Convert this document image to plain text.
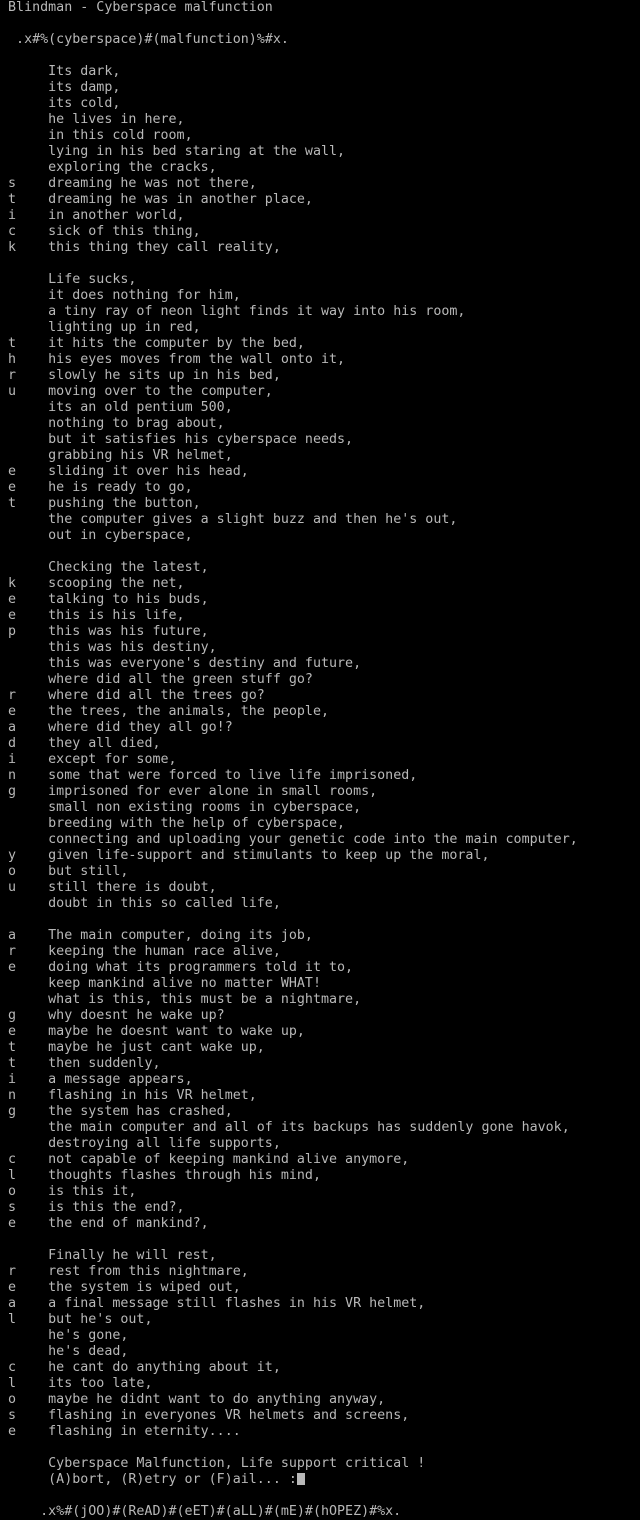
Blindman - Cyberspace malfunction
.x#%(cyberspace)#(malfunction)%#x.
Its dark,
its damp,
its cold,
he lives in here,
in this cold room,
lying in his bed staring at the wall,
exploring the cracks,
s    dreaming he was not there,
t    dreaming he was in another place,
i    in another world,
c    sick of this thing,
k    this thing they call reality,
Life sucks,
it does nothing for him,
a tiny ray of neon light finds it way into his room,
lighting up in red,
t    it hits the computer by the bed,
h    his eyes moves from the wall onto it,
r    slowly he sits up in his bed,
u    moving over to the computer,
its an old pentium 500,
nothing to brag about,
but it satisfies his cyberspace needs,
grabbing his VR helmet,
e    sliding it over his head,
e    he is ready to go,
t    pushing the button,
the computer gives a slight buzz and then he's out,
out in cyberspace,
Checking the latest,
k    scooping the net,
e    talking to his buds,
e    this is his life,
p    this was his future,
this was his destiny,
this was everyone's destiny and future,
where did all the green stuff go?
r    where did all the trees go?
e    the trees, the animals, the people,
a    where did they all go!?
d    they all died,
i    except for some,
n    some that were forced to live life imprisoned,
g    imprisoned for ever alone in small rooms,
small non existing rooms in cyberspace,
breeding with the help of cyberspace,
connecting and uploading your genetic code into the main computer,
y    given life-support and stimulants to keep up the moral,
o    but still,
u    still there is doubt,
doubt in this so called life,
a    The main computer, doing its job,
r    keeping the human race alive,
e    doing what its programmers told it to,
keep mankind alive no matter WHAT!
what is this, this must be a nightmare,
g    why doesnt he wake up?
e    maybe he doesnt want to wake up,
t    maybe he just cant wake up,
t    then suddenly,
i    a message appears,
n    flashing in his VR helmet,
g    the system has crashed,
the main computer and all of its backups has suddenly gone havok,
destroying all life supports,
c    not capable of keeping mankind alive anymore,
l    thoughts flashes through his mind,
o    is this it,
s    is this the end?,
e    the end of mankind?,
Finally he will rest,
r    rest from this nightmare,
e    the system is wiped out,
a    a final message still flashes in his VR helmet,
l    but he's out,
he's gone,
he's dead,
c    he cant do anything about it,
l    its too late,
o    maybe he didnt want to do anything anyway,
s    flashing in everyones VR helmets and screens,
e    flashing in eternity....
Cyberspace Malfunction, Life support critical !
(A)bort, (R)etry or (F)ail... :
.x%#(jOO)#(ReAD)#(eET)#(aLL)#(mE)#(hOPEZ)#%x.
